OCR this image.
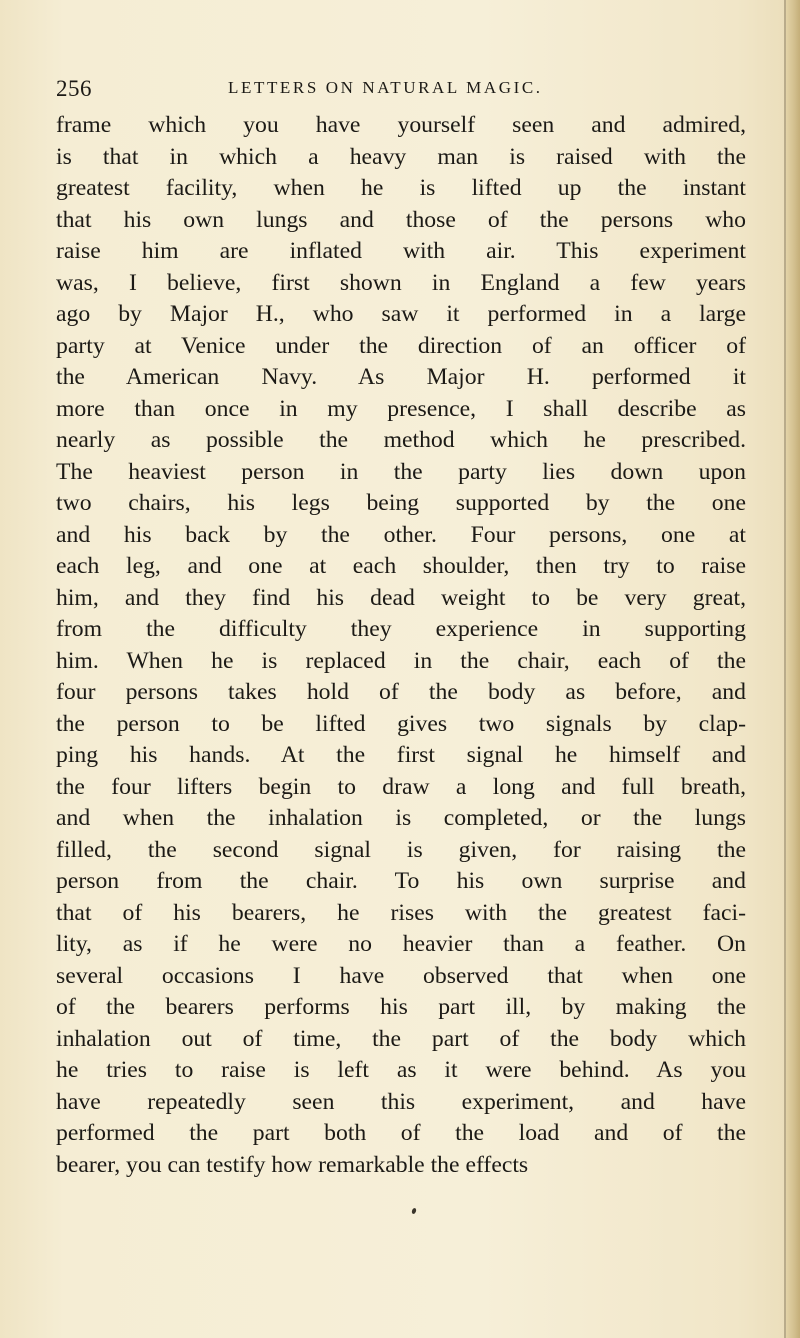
256	LETTERS ON NATURAL MAGIC.
frame which you have yourself seen and admired,
is that in which a heavy man is raised with the
greatest facility, when he is lifted up the instant
that his own lungs and those of the persons who
raise him are inflated with air. This experiment
was, I believe, first shown in England a few years
ago by Major H., who saw it performed in a large
party at Venice under the direction of an officer of
the American Navy. As Major H. performed it
more than once in my presence, I shall describe as
nearly as possible the method which he prescribed.
The heaviest person in the party lies down upon
two chairs, his legs being supported by the one
and his back by the other. Four persons, one at
each leg, and one at each shoulder, then try to raise
him, and they find his dead weight to be very great,
from the difficulty they experience in supporting
him. When he is replaced in the chair, each of the
four persons takes hold of the body as before, and
the person to be lifted gives two signals by clap-
ping his hands. At the first signal he himself and
the four lifters begin to draw a long and full breath,
and when the inhalation is completed, or the lungs
filled, the second signal is given, for raising the
person from the chair. To his own surprise and
that of his bearers, he rises with the greatest faci-
lity, as if he were no heavier than a feather. On
several occasions I have observed that when one
of the bearers performs his part ill, by making the
inhalation out of time, the part of the body which
he tries to raise is left as it were behind. As you
have repeatedly seen this experiment, and have
performed the part both of the load and of the
bearer, you can testify how remarkable the effects
